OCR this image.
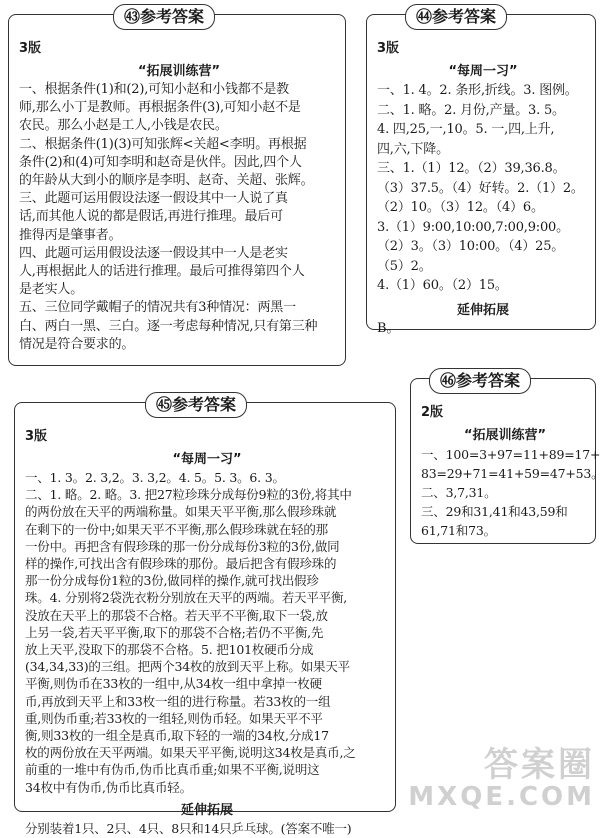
㊸参考答案
3版
“拓展训练营”
一、根据条件(1)和(2),可知小赵和小钱都不是教
师,那么小丁是教师。再根据条件(3),可知小赵不是
农民。那么小赵是工人,小钱是农民。
二、根据条件(1)(3)可知张辉<关超<李明。再根据
条件(2)和(4)可知李明和赵奇是伙伴。因此,四个人
的年龄从大到小的顺序是李明、赵奇、关超、张辉。
三、此题可运用假设法逐一假设其中一人说了真
话,而其他人说的都是假话,再进行推理。最后可
推得丙是肇事者。
四、此题可运用假设法逐一假设其中一人是老实
人,再根据此人的话进行推理。最后可推得第四个人
是老实人。
五、三位同学戴帽子的情况共有3种情况：两黑一
白、两白一黑、三白。逐一考虑每种情况,只有第三种
情况是符合要求的。
㊹参考答案
3版
“每周一习”
一、1. 4。2. 条形,折线。3. 图例。
二、1. 略。2. 月份,产量。3. 5。
4. 四,25,一,10。5. 一,四,上升,
四,六,下降。
三、1.（1）12。（2）39,36.8。
（3）37.5。（4）好转。2.（1）2。
（2）10。（3）12。（4）6。
3.（1）9:00,10:00,7:00,9:00。
（2）3。（3）10:00。（4）25。
（5）2。
4.（1）60。（2）15。
延伸拓展
B。
㊻参考答案
2版
“拓展训练营”
一、100=3+97=11+89=17+
83=29+71=41+59=47+53。
二、3,7,31。
三、29和31,41和43,59和
61,71和73。
㊺参考答案
3版
“每周一习”
一、1. 3。2. 3,2。3. 3,2。4. 5。5. 3。6. 3。
二、1. 略。2. 略。3. 把27粒珍珠分成每份9粒的3份,将其中
的两份放在天平的两端称量。如果天平平衡,那么假珍珠就
在剩下的一份中;如果天平不平衡,那么假珍珠就在轻的那
一份中。再把含有假珍珠的那一份分成每份3粒的3份,做同
样的操作,可找出含有假珍珠的那份。最后把含有假珍珠的
那一份分成每份1粒的3份,做同样的操作,就可找出假珍
珠。4. 分别将2袋洗衣粉分别放在天平的两端。若天平平衡,
没放在天平上的那袋不合格。若天平不平衡,取下一袋,放
上另一袋,若天平平衡,取下的那袋不合格;若仍不平衡,先
放上天平,没取下的那袋不合格。5. 把101枚硬币分成
(34,34,33)的三组。把两个34枚的放到天平上称。如果天平
平衡,则伪币在33枚的一组中,从34枚一组中拿掉一枚硬
币,再放到天平上和33枚一组的进行称量。若33枚的一组
重,则伪币重;若33枚的一组轻,则伪币轻。如果天平不平
衡,则33枚的一组全是真币,取下轻的一端的34枚,分成17
枚的两份放在天平两端。如果天平平衡,说明这34枚是真币,之
前重的一堆中有伪币,伪币比真币重;如果不平衡,说明这
34枚中有伪币,伪币比真币轻。
延伸拓展
分别装着1只、2只、4只、8只和14只乒乓球。(答案不唯一)
答案圈
MXQE.COM
